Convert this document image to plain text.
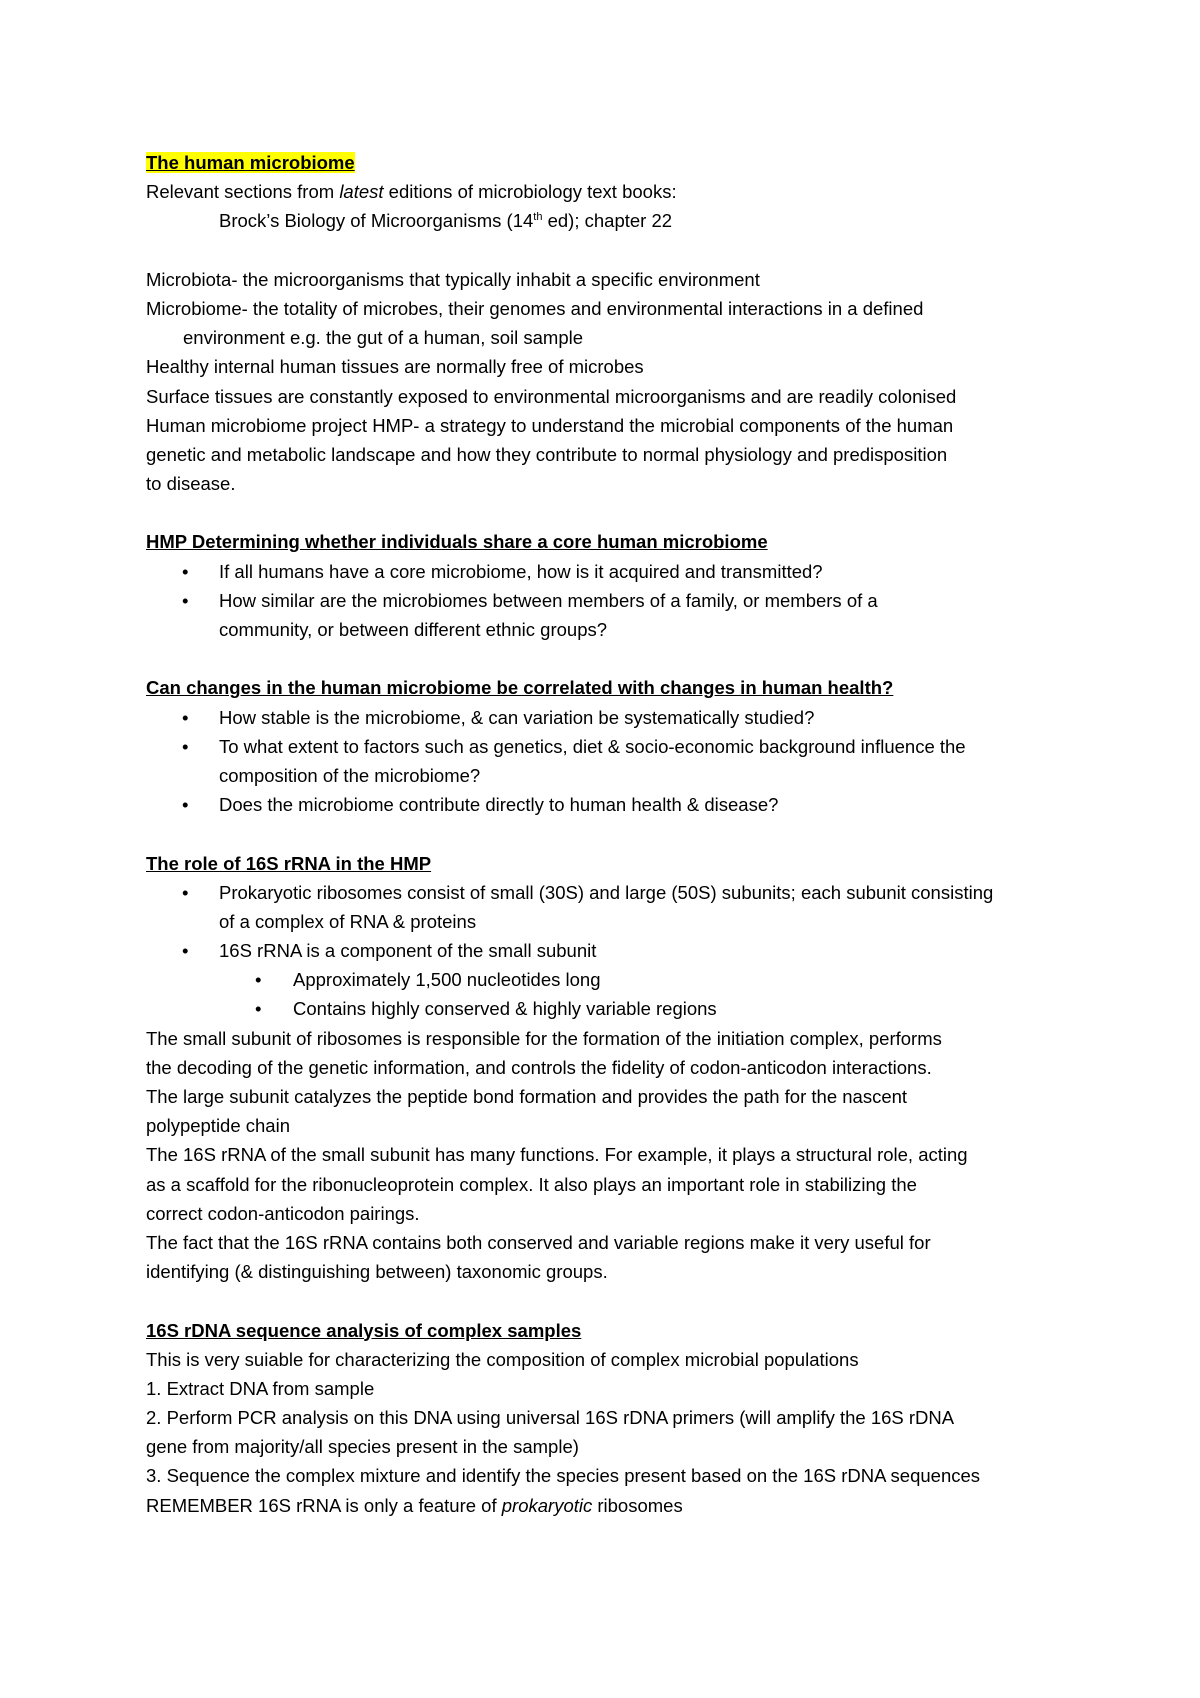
The human microbiome
Relevant sections from latest editions of microbiology text books:
Brock’s Biology of Microorganisms (14th ed); chapter 22
Microbiota- the microorganisms that typically inhabit a specific environment
Microbiome- the totality of microbes, their genomes and environmental interactions in a defined
environment e.g. the gut of a human, soil sample
Healthy internal human tissues are normally free of microbes
Surface tissues are constantly exposed to environmental microorganisms and are readily colonised
Human microbiome project HMP- a strategy to understand the microbial components of the human
genetic and metabolic landscape and how they contribute to normal physiology and predisposition
to disease.
HMP Determining whether individuals share a core human microbiome
• If all humans have a core microbiome, how is it acquired and transmitted?
• How similar are the microbiomes between members of a family, or members of a
community, or between different ethnic groups?
Can changes in the human microbiome be correlated with changes in human health?
• How stable is the microbiome, & can variation be systematically studied?
• To what extent to factors such as genetics, diet & socio-economic background influence the
composition of the microbiome?
• Does the microbiome contribute directly to human health & disease?
The role of 16S rRNA in the HMP
• Prokaryotic ribosomes consist of small (30S) and large (50S) subunits; each subunit consisting
of a complex of RNA & proteins
• 16S rRNA is a component of the small subunit
• Approximately 1,500 nucleotides long
• Contains highly conserved & highly variable regions
The small subunit of ribosomes is responsible for the formation of the initiation complex, performs
the decoding of the genetic information, and controls the fidelity of codon-anticodon interactions.
The large subunit catalyzes the peptide bond formation and provides the path for the nascent
polypeptide chain
The 16S rRNA of the small subunit has many functions. For example, it plays a structural role, acting
as a scaffold for the ribonucleoprotein complex. It also plays an important role in stabilizing the
correct codon-anticodon pairings.
The fact that the 16S rRNA contains both conserved and variable regions make it very useful for
identifying (& distinguishing between) taxonomic groups.
16S rDNA sequence analysis of complex samples
This is very suiable for characterizing the composition of complex microbial populations
1. Extract DNA from sample
2. Perform PCR analysis on this DNA using universal 16S rDNA primers (will amplify the 16S rDNA
gene from majority/all species present in the sample)
3. Sequence the complex mixture and identify the species present based on the 16S rDNA sequences
REMEMBER 16S rRNA is only a feature of prokaryotic ribosomes
